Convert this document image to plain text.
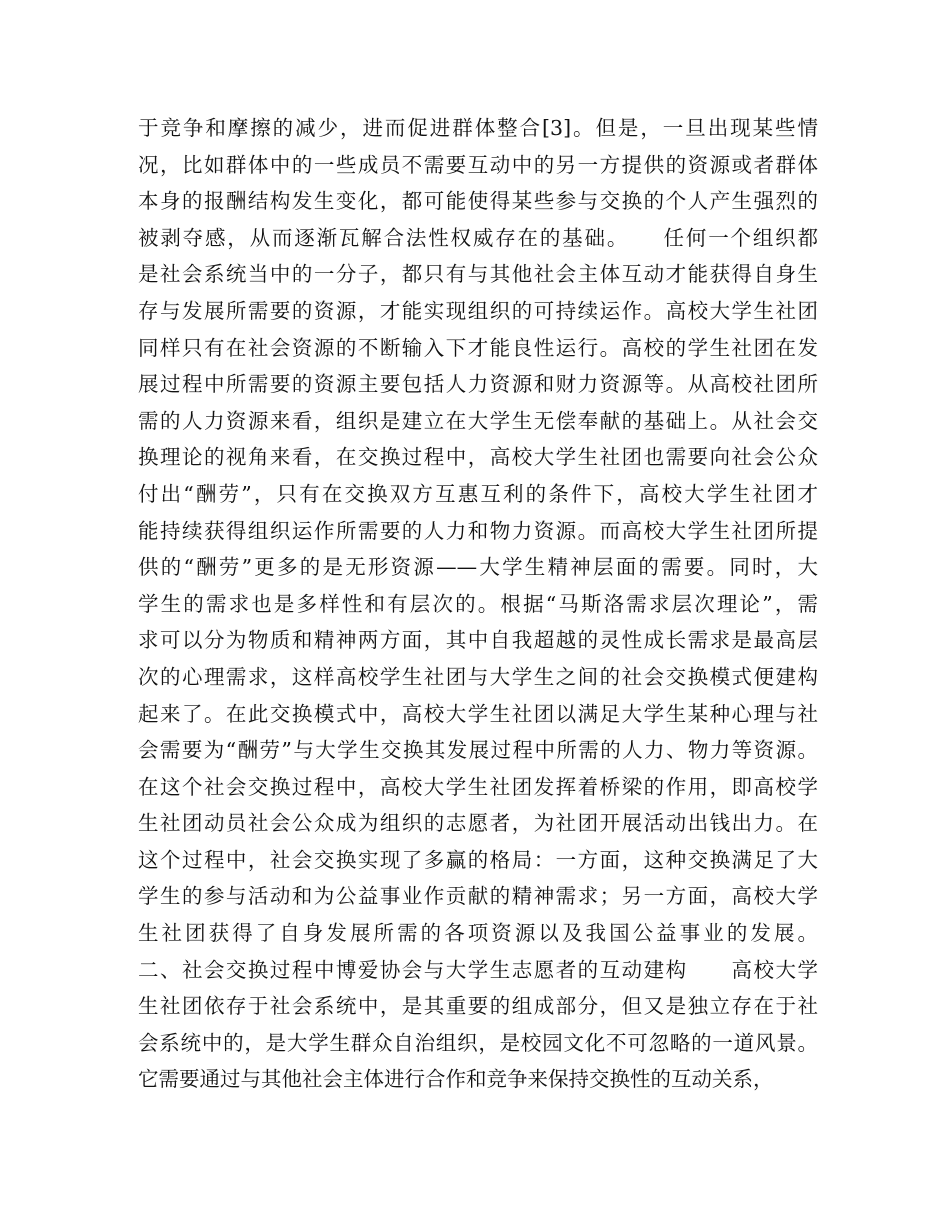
于竞争和摩擦的减少，进而促进群体整合[3]。但是，一旦出现某些情
况，比如群体中的一些成员不需要互动中的另一方提供的资源或者群体
本身的报酬结构发生变化，都可能使得某些参与交换的个人产生强烈的
被剥夺感，从而逐渐瓦解合法性权威存在的基础。　　任何一个组织都
是社会系统当中的一分子，都只有与其他社会主体互动才能获得自身生
存与发展所需要的资源，才能实现组织的可持续运作。高校大学生社团
同样只有在社会资源的不断输入下才能良性运行。高校的学生社团在发
展过程中所需要的资源主要包括人力资源和财力资源等。从高校社团所
需的人力资源来看，组织是建立在大学生无偿奉献的基础上。从社会交
换理论的视角来看，在交换过程中，高校大学生社团也需要向社会公众
付出“酬劳”，只有在交换双方互惠互利的条件下，高校大学生社团才
能持续获得组织运作所需要的人力和物力资源。而高校大学生社团所提
供的“酬劳”更多的是无形资源——大学生精神层面的需要。同时，大
学生的需求也是多样性和有层次的。根据“马斯洛需求层次理论”，需
求可以分为物质和精神两方面，其中自我超越的灵性成长需求是最高层
次的心理需求，这样高校学生社团与大学生之间的社会交换模式便建构
起来了。在此交换模式中，高校大学生社团以满足大学生某种心理与社
会需要为“酬劳”与大学生交换其发展过程中所需的人力、物力等资源。
在这个社会交换过程中，高校大学生社团发挥着桥梁的作用，即高校学
生社团动员社会公众成为组织的志愿者，为社团开展活动出钱出力。在
这个过程中，社会交换实现了多赢的格局：一方面，这种交换满足了大
学生的参与活动和为公益事业作贡献的精神需求；另一方面，高校大学
生社团获得了自身发展所需的各项资源以及我国公益事业的发展。
二、社会交换过程中博爱协会与大学生志愿者的互动建构　　高校大学
生社团依存于社会系统中，是其重要的组成部分，但又是独立存在于社
会系统中的，是大学生群众自治组织，是校园文化不可忽略的一道风景。
它需要通过与其他社会主体进行合作和竞争来保持交换性的互动关系，
